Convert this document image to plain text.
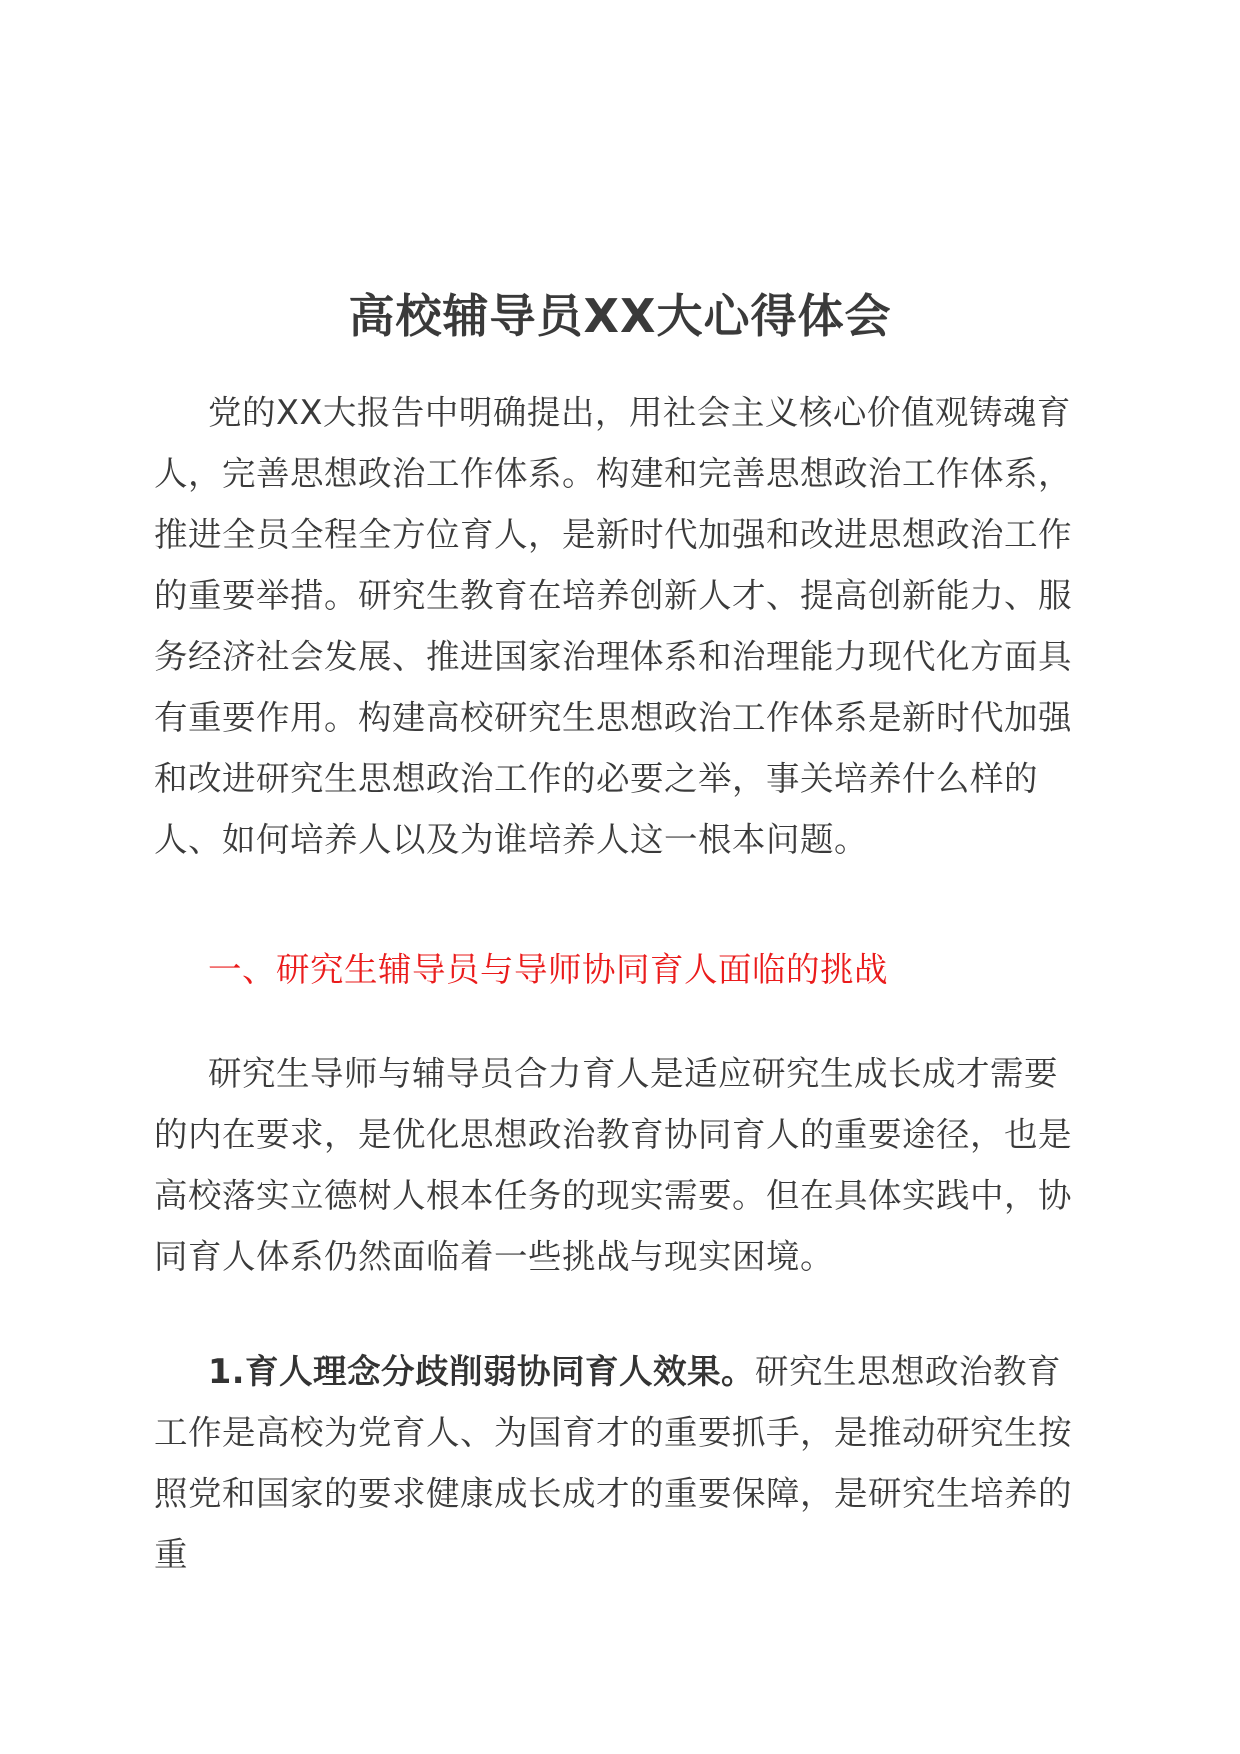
高校辅导员XX大心得体会

党的XX大报告中明确提出，用社会主义核心价值观铸魂育人，完善思想政治工作体系。构建和完善思想政治工作体系，推进全员全程全方位育人，是新时代加强和改进思想政治工作的重要举措。研究生教育在培养创新人才、提高创新能力、服务经济社会发展、推进国家治理体系和治理能力现代化方面具有重要作用。构建高校研究生思想政治工作体系是新时代加强和改进研究生思想政治工作的必要之举，事关培养什么样的人、如何培养人以及为谁培养人这一根本问题。

一、研究生辅导员与导师协同育人面临的挑战

研究生导师与辅导员合力育人是适应研究生成长成才需要的内在要求，是优化思想政治教育协同育人的重要途径，也是高校落实立德树人根本任务的现实需要。但在具体实践中，协同育人体系仍然面临着一些挑战与现实困境。

1.育人理念分歧削弱协同育人效果。研究生思想政治教育工作是高校为党育人、为国育才的重要抓手，是推动研究生按照党和国家的要求健康成长成才的重要保障，是研究生培养的重
